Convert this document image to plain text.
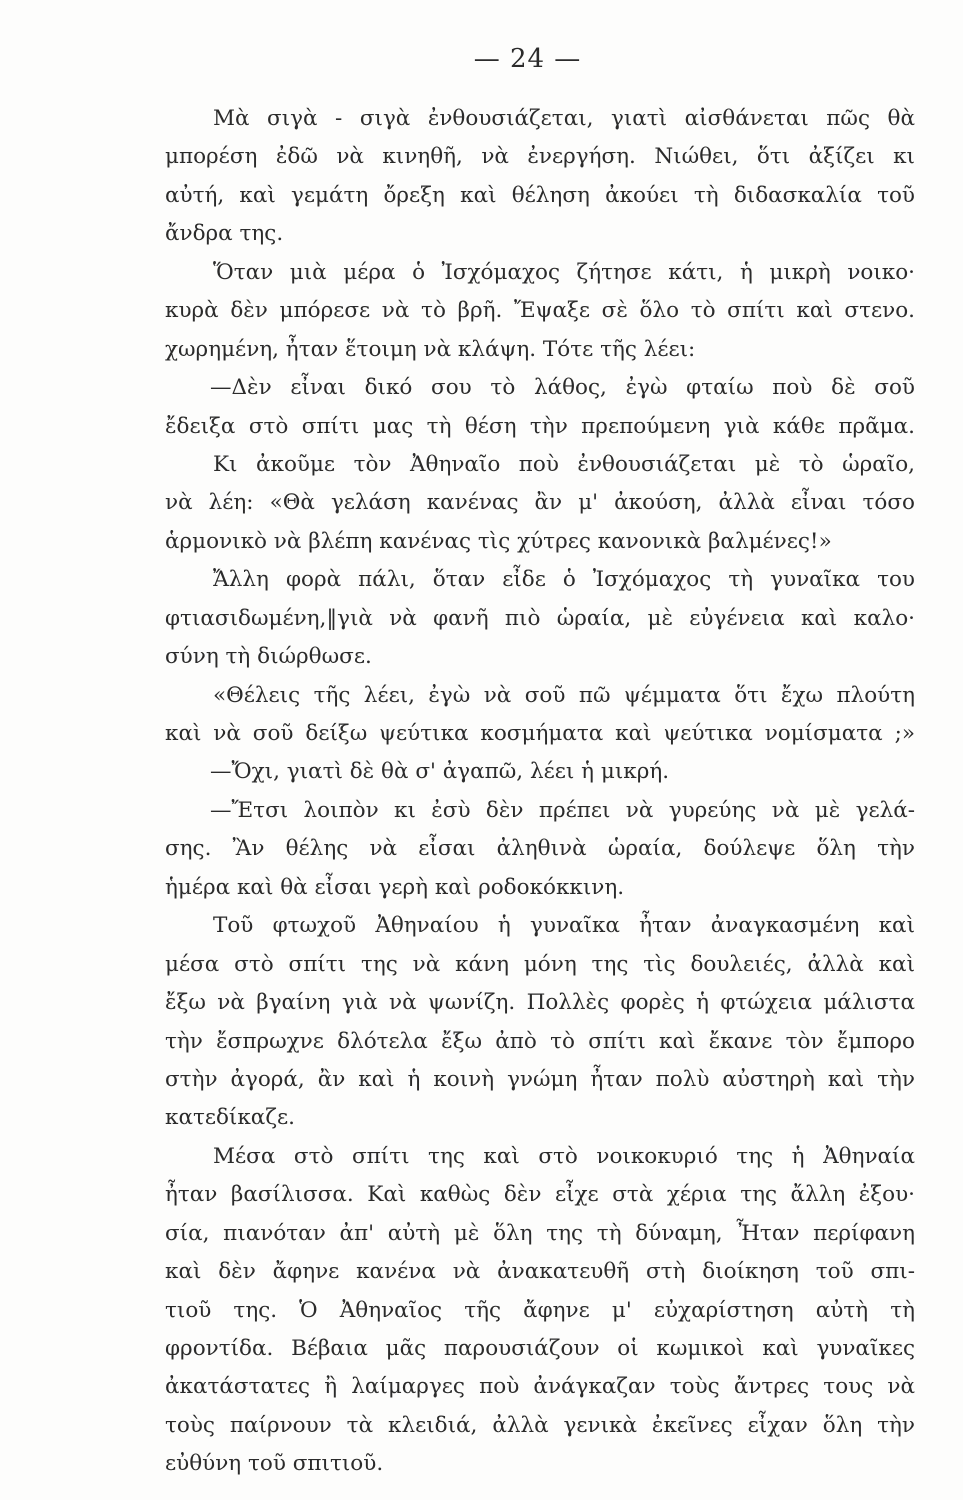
— 24 —
Μὰ σιγὰ - σιγὰ ἐνθουσιάζεται, γιατὶ αἰσθάνεται πῶς θὰ
μπορέση ἐδῶ νὰ κινηθῆ, νὰ ἐνεργήση. Νιώθει, ὅτι ἀξίζει κι
αὐτή, καὶ γεμάτη ὄρεξη καὶ θέληση ἀκούει τὴ διδασκαλία τοῦ
ἄνδρα της.
Ὅταν μιὰ μέρα ὁ Ἰσχόμαχος ζήτησε κάτι, ἡ μικρὴ νοικο·
κυρὰ δὲν μπόρεσε νὰ τὸ βρῆ. Ἔψαξε σὲ ὅλο τὸ σπίτι καὶ στενο.
χωρημένη, ἦταν ἕτοιμη νὰ κλάψη. Τότε τῆς λέει:
—Δὲν εἶναι δικό σου τὸ λάθος, ἐγὼ φταίω ποὺ δὲ σοῦ
ἔδειξα στὸ σπίτι μας τὴ θέση τὴν πρεπούμενη γιὰ κάθε πρᾶμα.
Κι ἀκοῦμε τὸν Ἀθηναῖο ποὺ ἐνθουσιάζεται μὲ τὸ ὡραῖο,
νὰ λέη: «Θὰ γελάση κανένας ἂν μ' ἀκούση, ἀλλὰ εἶναι τόσο
ἁρμονικὸ νὰ βλέπη κανένας τὶς χύτρες κανονικὰ βαλμένες!»
Ἄλλη φορὰ πάλι, ὅταν εἶδε ὁ Ἰσχόμαχος τὴ γυναῖκα του
φτιασιδωμένη,‖γιὰ νὰ φανῆ πιὸ ὡραία, μὲ εὐγένεια καὶ καλο·
σύνη τὴ διώρθωσε.
«Θέλεις τῆς λέει, ἐγὼ νὰ σοῦ πῶ ψέμματα ὅτι ἔχω πλούτη
καὶ νὰ σοῦ δείξω ψεύτικα κοσμήματα καὶ ψεύτικα νομίσματα ;»
—Ὄχι, γιατὶ δὲ θὰ σ' ἀγαπῶ, λέει ἡ μικρή.
—Ἔτσι λοιπὸν κι ἐσὺ δὲν πρέπει νὰ γυρεύης νὰ μὲ γελά-
σης. Ἂν θέλης νὰ εἶσαι ἀληθινὰ ὡραία, δούλεψε ὅλη τὴν
ἡμέρα καὶ θὰ εἶσαι γερὴ καὶ ροδοκόκκινη.
Τοῦ φτωχοῦ Ἀθηναίου ἡ γυναῖκα ἦταν ἀναγκασμένη καὶ
μέσα στὸ σπίτι της νὰ κάνη μόνη της τὶς δουλειές, ἀλλὰ καὶ
ἔξω νὰ βγαίνη γιὰ νὰ ψωνίζη. Πολλὲς φορὲς ἡ φτώχεια μάλιστα
τὴν ἔσπρωχνε δλότελα ἔξω ἀπὸ τὸ σπίτι καὶ ἔκανε τὸν ἔμπορο
στὴν ἀγορά, ἂν καὶ ἡ κοινὴ γνώμη ἦταν πολὺ αὐστηρὴ καὶ τὴν
κατεδίκαζε.
Μέσα στὸ σπίτι της καὶ στὸ νοικοκυριό της ἡ Ἀθηναία
ἦταν βασίλισσα. Καὶ καθὼς δὲν εἶχε στὰ χέρια της ἄλλη ἐξου·
σία, πιανόταν ἀπ' αὐτὴ μὲ ὅλη της τὴ δύναμη, Ἦταν περίφανη
καὶ δὲν ἄφηνε κανένα νὰ ἀνακατευθῆ στὴ διοίκηση τοῦ σπι-
τιοῦ της. Ὁ Ἀθηναῖος τῆς ἄφηνε μ' εὐχαρίστηση αὐτὴ τὴ
φροντίδα. Βέβαια μᾶς παρουσιάζουν οἱ κωμικοὶ καὶ γυναῖκες
ἀκατάστατες ἢ λαίμαργες ποὺ ἀνάγκαζαν τοὺς ἄντρες τους νὰ
τοὺς παίρνουν τὰ κλειδιά, ἀλλὰ γενικὰ ἐκεῖνες εἶχαν ὅλη τὴν
εὐθύνη τοῦ σπιτιοῦ.
